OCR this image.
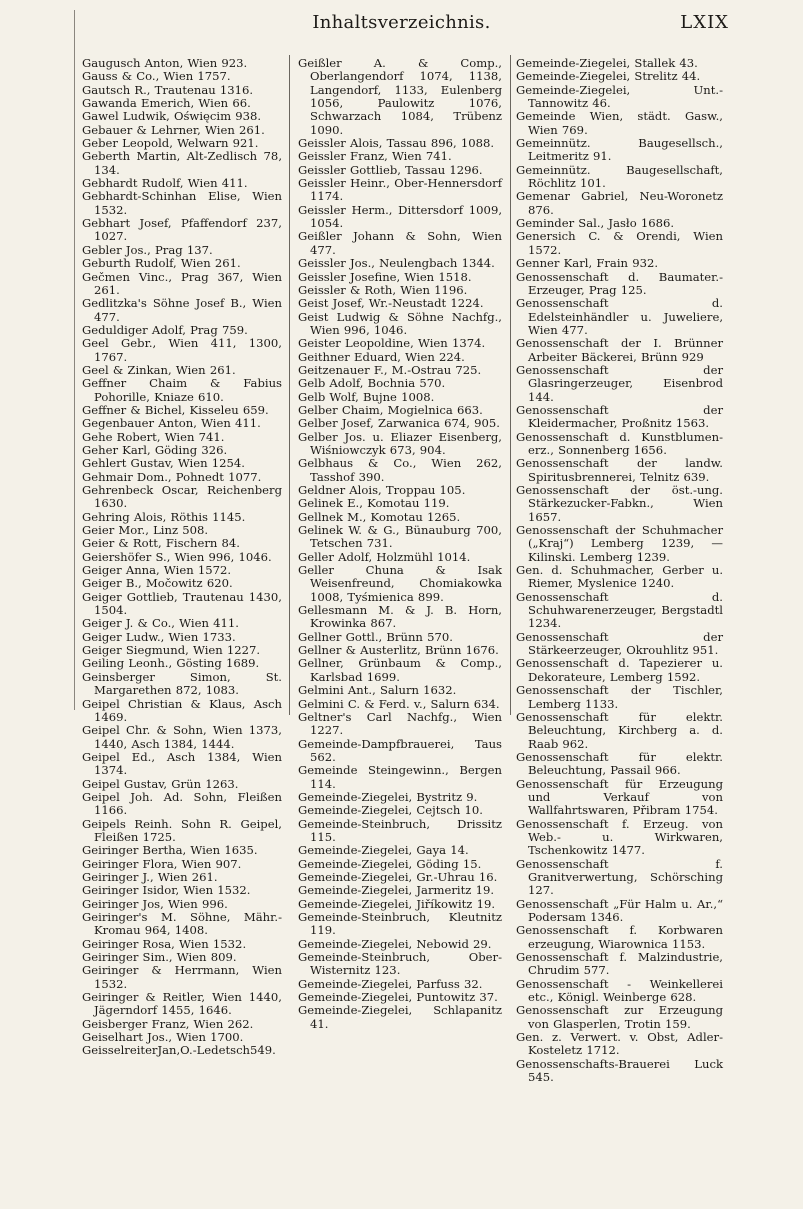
Inhaltsverzeichnis.	LXIX
Gaugusch Anton, Wien 923.
Gauss & Co., Wien 1757.
Gautsch R., Trautenau 1316.
Gawanda Emerich, Wien 66.
Gawel Ludwik, Oświęcim 938.
Gebauer & Lehrner, Wien 261.
Geber Leopold, Welwarn 921.
Geberth Martin, Alt-Zedlisch 78, 134.
Gebhardt Rudolf, Wien 411.
Gebhardt-Schinhan Elise, Wien 1532.
Gebhart Josef, Pfaffendorf 237, 1027.
Gebler Jos., Prag 137.
Geburth Rudolf, Wien 261.
Gečmen Vinc., Prag 367, Wien 261.
Gedlitzka's Söhne Josef B., Wien 477.
Geduldiger Adolf, Prag 759.
Geel Gebr., Wien 411, 1300, 1767.
Geel & Zinkan, Wien 261.
Geffner Chaim & Fabius Pohorille, Kniaze 610.
Geffner & Bichel, Kisseleu 659.
Gegenbauer Anton, Wien 411.
Gehe Robert, Wien 741.
Geher Karl, Göding 326.
Gehlert Gustav, Wien 1254.
Gehmair Dom., Pohnedt 1077.
Gehrenbeck Oscar, Reichenberg 1630.
Gehring Alois, Röthis 1145.
Geier Mor., Linz 508.
Geier & Rott, Fischern 84.
Geiershöfer S., Wien 996, 1046.
Geiger Anna, Wien 1572.
Geiger B., Močowitz 620.
Geiger Gottlieb, Trautenau 1430, 1504.
Geiger J. & Co., Wien 411.
Geiger Ludw., Wien 1733.
Geiger Siegmund, Wien 1227.
Geiling Leonh., Gösting 1689.
Geinsberger Simon, St. Margarethen 872, 1083.
Geipel Christian & Klaus, Asch 1469.
Geipel Chr. & Sohn, Wien 1373, 1440, Asch 1384, 1444.
Geipel Ed., Asch 1384, Wien 1374.
Geipel Gustav, Grün 1263.
Geipel Joh. Ad. Sohn, Fleißen 1166.
Geipels Reinh. Sohn R. Geipel, Fleißen 1725.
Geiringer Bertha, Wien 1635.
Geiringer Flora, Wien 907.
Geiringer J., Wien 261.
Geiringer Isidor, Wien 1532.
Geiringer Jos, Wien 996.
Geiringer's M. Söhne, Mähr.-Kromau 964, 1408.
Geiringer Rosa, Wien 1532.
Geiringer Sim., Wien 809.
Geiringer & Herrmann, Wien 1532.
Geiringer & Reitler, Wien 1440, Jägerndorf 1455, 1646.
Geisberger Franz, Wien 262.
Geiselhart Jos., Wien 1700.
GeisselreiterJan,O.-Ledetsch549.
Geißler A. & Comp., Oberlangendorf 1074, 1138, Langendorf, 1133, Eulenberg 1056, Paulowitz 1076, Schwarzach 1084, Trübenz 1090.
Geissler Alois, Tassau 896, 1088.
Geissler Franz, Wien 741.
Geissler Gottlieb, Tassau 1296.
Geissler Heinr., Ober-Hennersdorf 1174.
Geissler Herm., Dittersdorf 1009, 1054.
Geißler Johann & Sohn, Wien 477.
Geissler Jos., Neulengbach 1344.
Geissler Josefine, Wien 1518.
Geissler & Roth, Wien 1196.
Geist Josef, Wr.-Neustadt 1224.
Geist Ludwig & Söhne Nachfg., Wien 996, 1046.
Geister Leopoldine, Wien 1374.
Geithner Eduard, Wien 224.
Geitzenauer F., M.-Ostrau 725.
Gelb Adolf, Bochnia 570.
Gelb Wolf, Bujne 1008.
Gelber Chaim, Mogielnica 663.
Gelber Josef, Zarwanica 674, 905.
Gelber Jos. u. Eliazer Eisenberg, Wiśniowczyk 673, 904.
Gelbhaus & Co., Wien 262, Tasshof 390.
Geldner Alois, Troppau 105.
Gelinek E., Komotau 119.
Gellnek M., Komotau 1265.
Gelinek W. & G., Bünauburg 700, Tetschen 731.
Geller Adolf, Holzmühl 1014.
Geller Chuna & Isak Weisenfreund, Chomiakowka 1008, Tyśmienica 899.
Gellesmann M. & J. B. Horn, Krowinka 867.
Gellner Gottl., Brünn 570.
Gellner & Austerlitz, Brünn 1676.
Gellner, Grünbaum & Comp., Karlsbad 1699.
Gelmini Ant., Salurn 1632.
Gelmini C. & Ferd. v., Salurn 634.
Geltner's Carl Nachfg., Wien 1227.
Gemeinde-Dampfbrauerei, Taus 562.
Gemeinde Steingewinn., Bergen 114.
Gemeinde-Ziegelei, Bystritz 9.
Gemeinde-Ziegelei, Cejtsch 10.
Gemeinde-Steinbruch, Drissitz 115.
Gemeinde-Ziegelei, Gaya 14.
Gemeinde-Ziegelei, Göding 15.
Gemeinde-Ziegelei, Gr.-Uhrau 16.
Gemeinde-Ziegelei, Jarmeritz 19.
Gemeinde-Ziegelei, Jiříkowitz 19.
Gemeinde-Steinbruch, Kleutnitz 119.
Gemeinde-Ziegelei, Nebowid 29.
Gemeinde-Steinbruch, Ober-Wisternitz 123.
Gemeinde-Ziegelei, Parfuss 32.
Gemeinde-Ziegelei, Puntowitz 37.
Gemeinde-Ziegelei, Schlapanitz 41.
Gemeinde-Ziegelei, Stallek 43.
Gemeinde-Ziegelei, Strelitz 44.
Gemeinde-Ziegelei, Unt.-Tannowitz 46.
Gemeinde Wien, städt. Gasw., Wien 769.
Gemeinnütz. Baugesellsch., Leitmeritz 91.
Gemeinnütz. Baugesellschaft, Röchlitz 101.
Gemenar Gabriel, Neu-Woronetz 876.
Geminder Sal., Jasło 1686.
Genersich C. & Orendi, Wien 1572.
Genner Karl, Frain 932.
Genossenschaft d. Baumater.-Erzeuger, Prag 125.
Genossenschaft d. Edelsteinhändler u. Juweliere, Wien 477.
Genossenschaft der I. Brünner Arbeiter Bäckerei, Brünn 929
Genossenschaft der Glasringerzeuger, Eisenbrod 144.
Genossenschaft der Kleidermacher, Proßnitz 1563.
Genossenschaft d. Kunstblumen-erz., Sonnenberg 1656.
Genossenschaft der landw. Spiritusbrennerei, Telnitz 639.
Genossenschaft der öst.-ung. Stärkezucker-Fabkn., Wien 1657.
Genossenschaft der Schuhmacher („Kraj“) Lemberg 1239, — Kilinski. Lemberg 1239.
Gen. d. Schuhmacher, Gerber u. Riemer, Myslenice 1240.
Genossenschaft d. Schuhwarenerzeuger, Bergstadtl 1234.
Genossenschaft der Stärkeerzeuger, Okrouhlitz 951.
Genossenschaft d. Tapezierer u. Dekorateure, Lemberg 1592.
Genossenschaft der Tischler, Lemberg 1133.
Genossenschaft für elektr. Beleuchtung, Kirchberg a. d. Raab 962.
Genossenschaft für elektr. Beleuchtung, Passail 966.
Genossenschaft für Erzeugung und Verkauf von Wallfahrtswaren, Přibram 1754.
Genossenschaft f. Erzeug. von Web.- u. Wirkwaren, Tschenkowitz 1477.
Genossenschaft f. Granitverwertung, Schörsching 127.
Genossenschaft „Für Halm u. Ar.,“ Podersam 1346.
Genossenschaft f. Korbwaren erzeugung, Wiarownica 1153.
Genossenschaft f. Malzindustrie, Chrudim 577.
Genossenschaft - Weinkellerei etc., Königl. Weinberge 628.
Genossenschaft zur Erzeugung von Glasperlen, Trotin 159.
Gen. z. Verwert. v. Obst, Adler-Kosteletz 1712.
Genossenschafts-Brauerei Luck 545.
